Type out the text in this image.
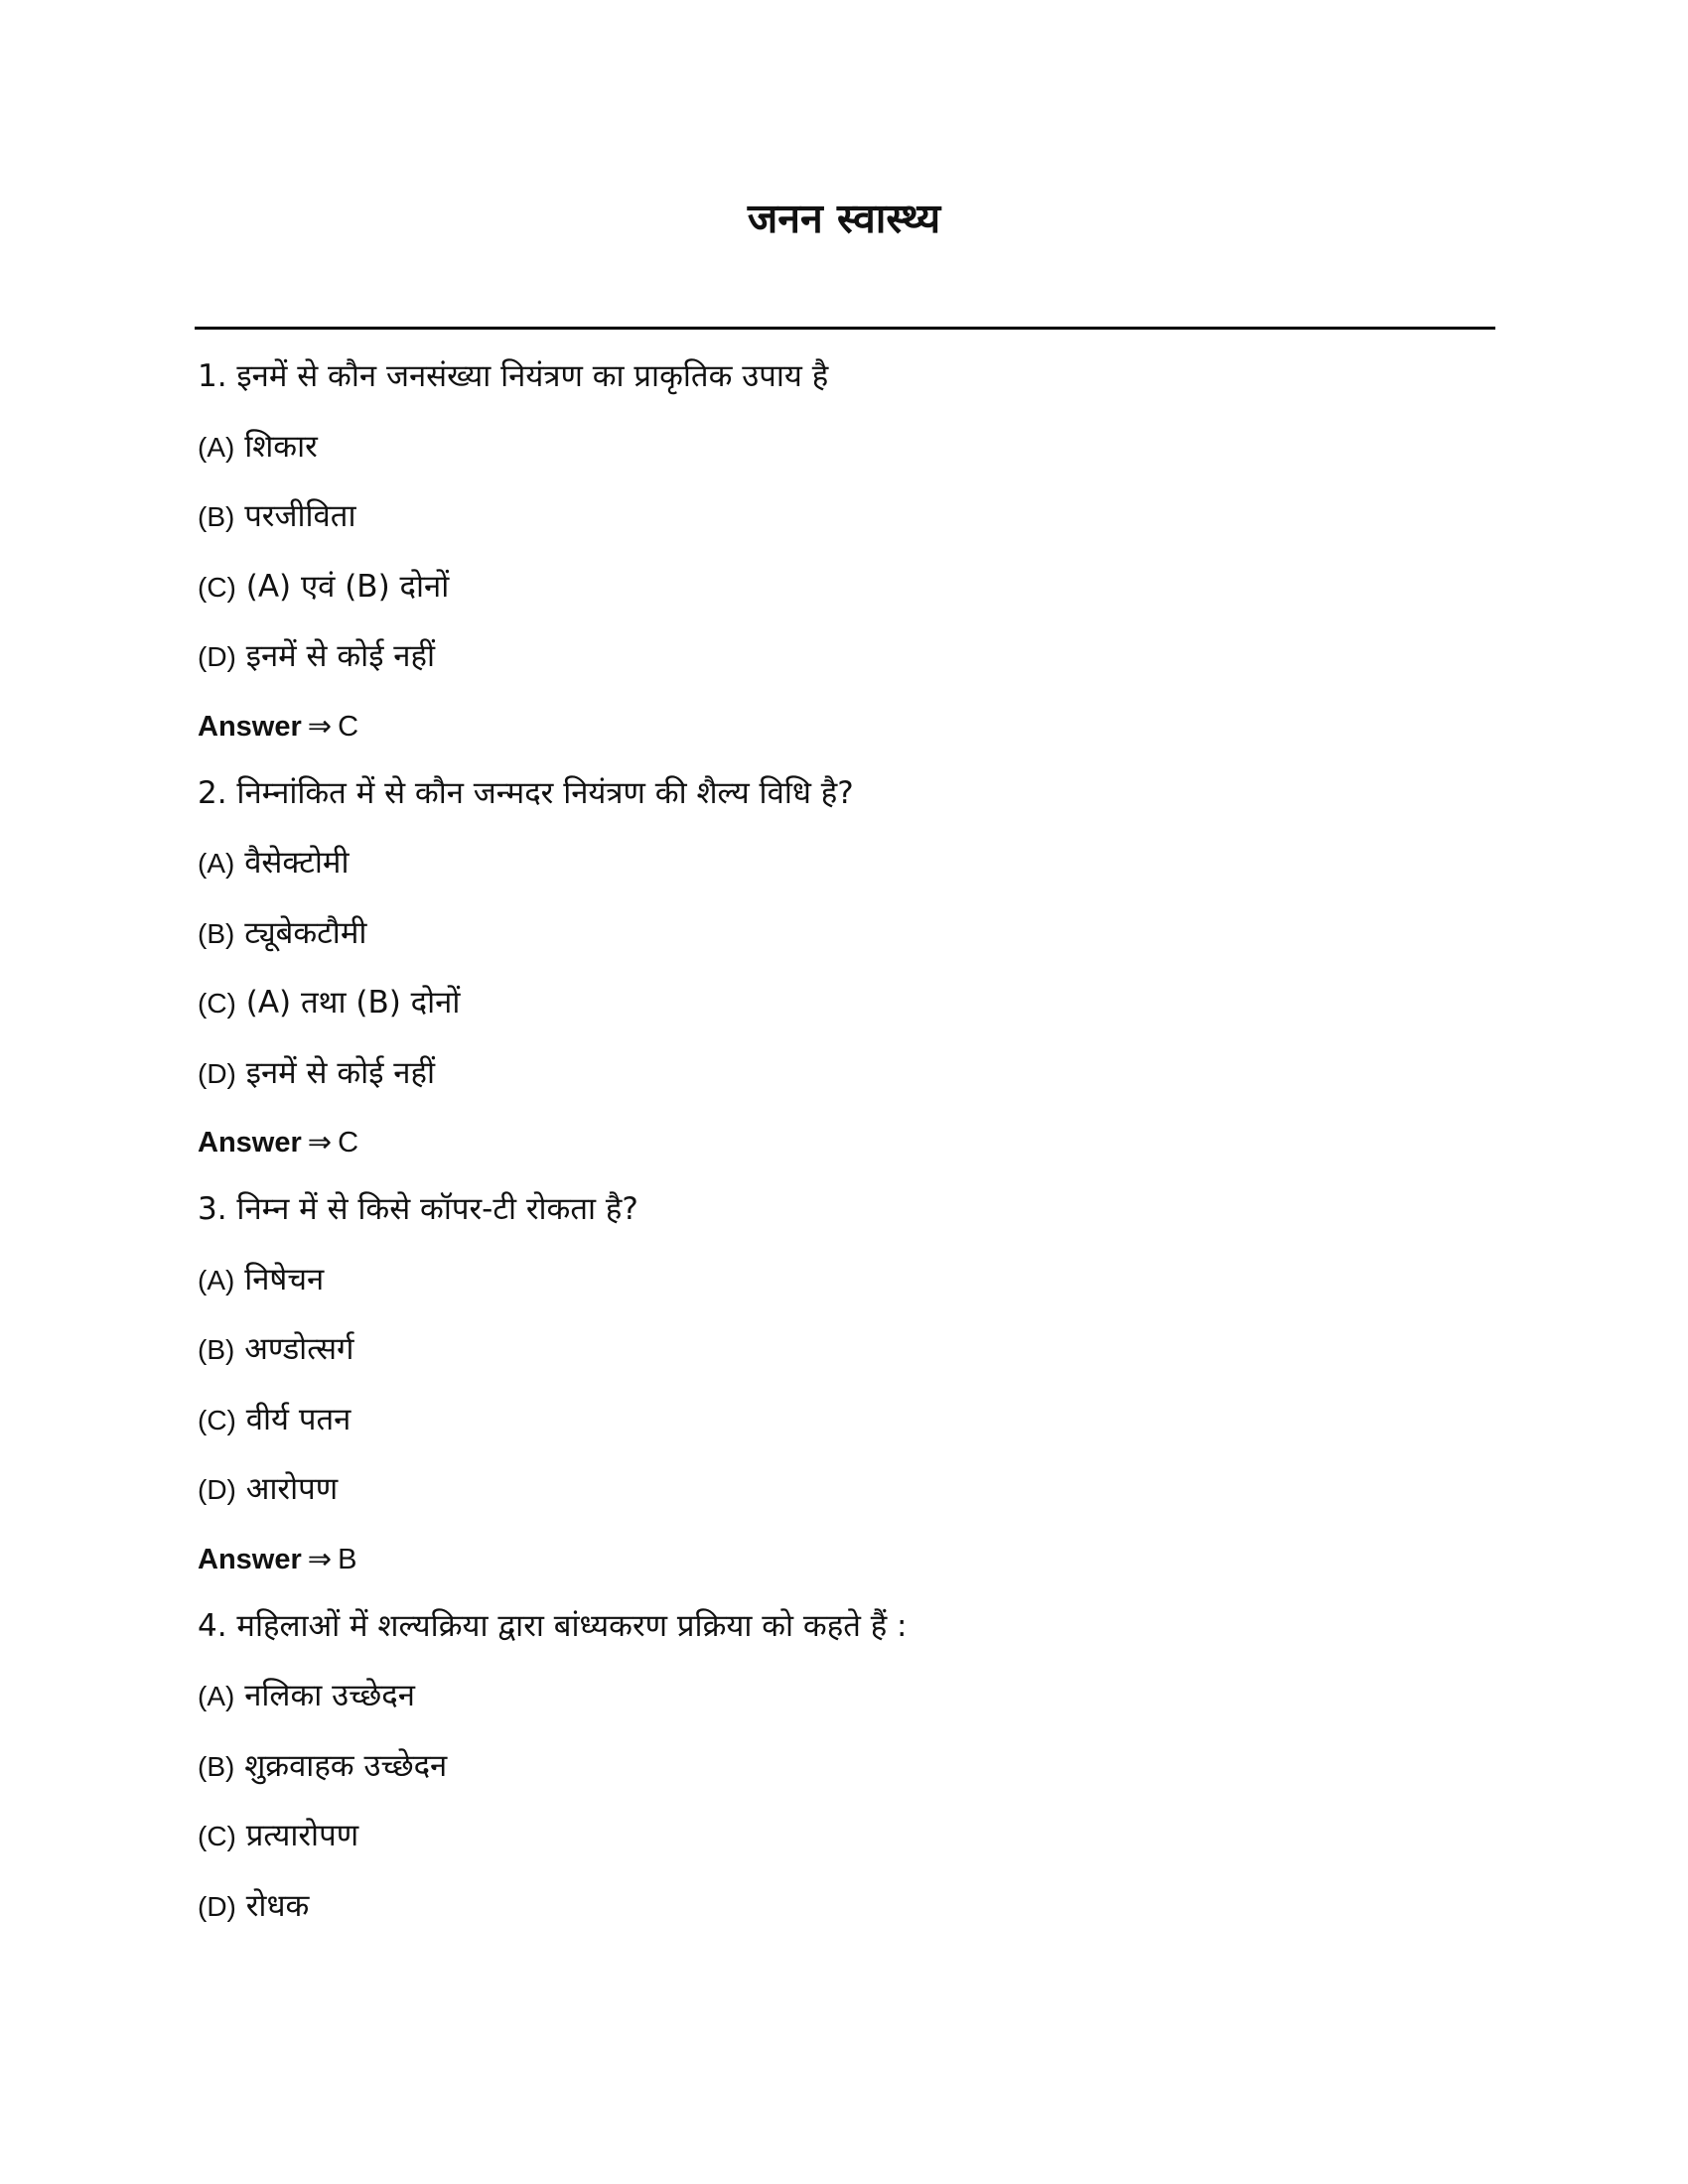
जनन स्वास्थ्य
1. इनमें से कौन जनसंख्या नियंत्रण का प्राकृतिक उपाय है
(A) शिकार
(B) परजीविता
(C) (A) एवं (B) दोनों
(D) इनमें से कोई नहीं
Answer ⇒ C
2. निम्नांकित में से कौन जन्मदर नियंत्रण की शैल्य विधि है?
(A) वैसेक्टोमी
(B) ट्यूबेकटौमी
(C) (A) तथा (B) दोनों
(D) इनमें से कोई नहीं
Answer ⇒ C
3. निम्न में से किसे कॉपर-टी रोकता है?
(A) निषेचन
(B) अण्डोत्सर्ग
(C) वीर्य पतन
(D) आरोपण
Answer ⇒ B
4. महिलाओं में शल्यक्रिया द्वारा बांध्यकरण प्रक्रिया को कहते हैं :
(A) नलिका उच्छेदन
(B) शुक्रवाहक उच्छेदन
(C) प्रत्यारोपण
(D) रोधक
